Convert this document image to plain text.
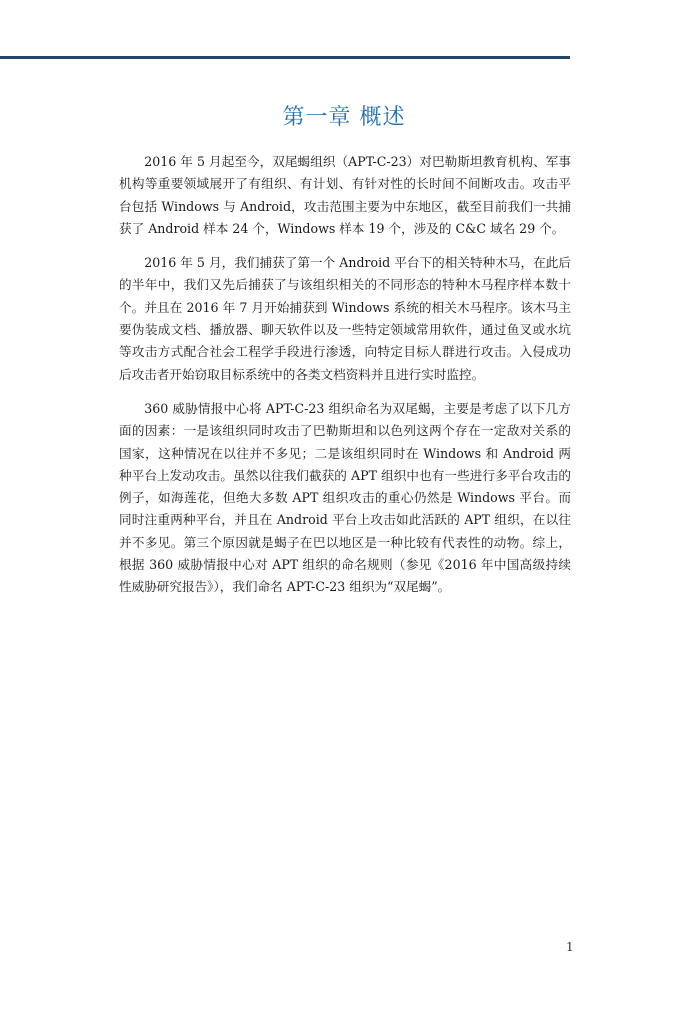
第一章 概述

2016 年 5 月起至今，双尾蝎组织（APT-C-23）对巴勒斯坦教育机构、军事机构等重要领域展开了有组织、有计划、有针对性的长时间不间断攻击。攻击平台包括 Windows 与 Android，攻击范围主要为中东地区，截至目前我们一共捕获了 Android 样本 24 个，Windows 样本 19 个，涉及的 C&C 域名 29 个。

2016 年 5 月，我们捕获了第一个 Android 平台下的相关特种木马，在此后的半年中，我们又先后捕获了与该组织相关的不同形态的特种木马程序样本数十个。并且在 2016 年 7 月开始捕获到 Windows 系统的相关木马程序。该木马主要伪装成文档、播放器、聊天软件以及一些特定领域常用软件，通过鱼叉或水坑等攻击方式配合社会工程学手段进行渗透，向特定目标人群进行攻击。入侵成功后攻击者开始窃取目标系统中的各类文档资料并且进行实时监控。

360 威胁情报中心将 APT-C-23 组织命名为双尾蝎，主要是考虑了以下几方面的因素：一是该组织同时攻击了巴勒斯坦和以色列这两个存在一定敌对关系的国家，这种情况在以往并不多见；二是该组织同时在 Windows 和 Android 两种平台上发动攻击。虽然以往我们截获的 APT 组织中也有一些进行多平台攻击的例子，如海莲花，但绝大多数 APT 组织攻击的重心仍然是 Windows 平台。而同时注重两种平台，并且在 Android 平台上攻击如此活跃的 APT 组织，在以往并不多见。第三个原因就是蝎子在巴以地区是一种比较有代表性的动物。综上，根据 360 威胁情报中心对 APT 组织的命名规则（参见《2016 年中国高级持续性威胁研究报告》），我们命名 APT-C-23 组织为“双尾蝎”。

1
